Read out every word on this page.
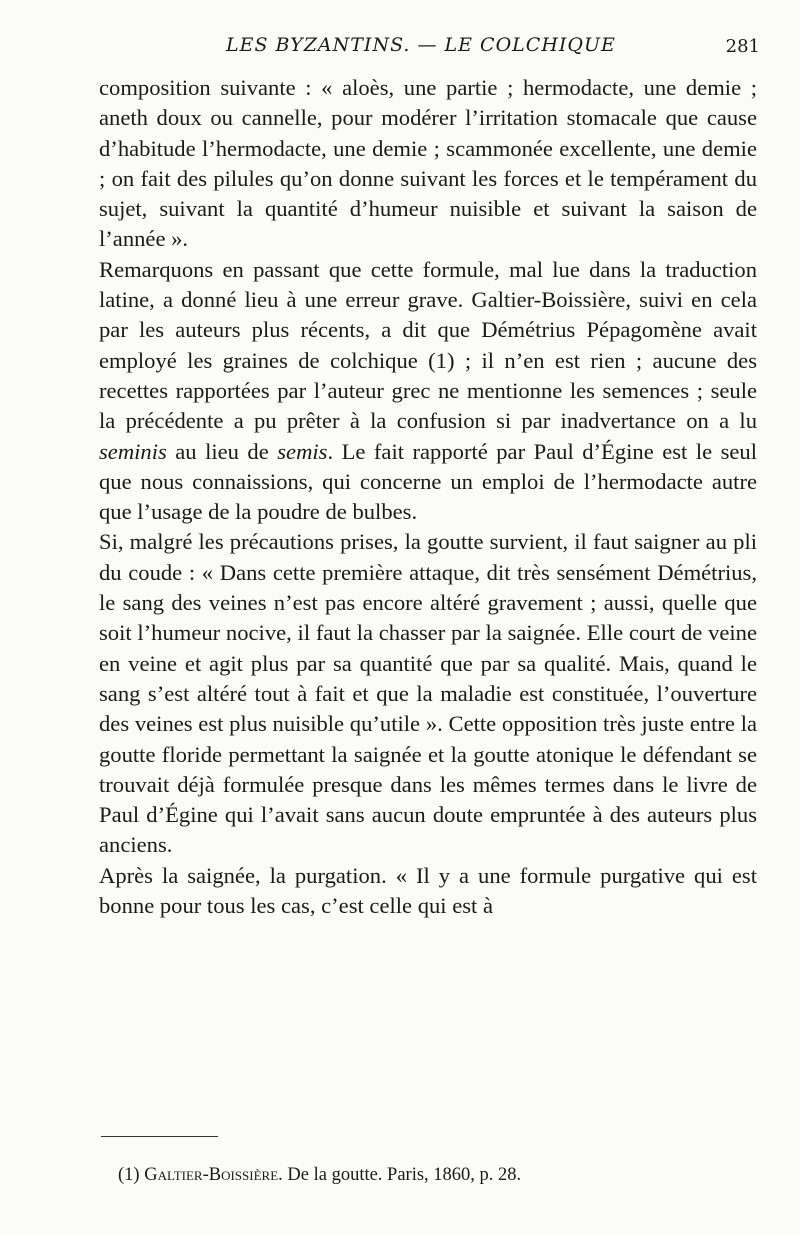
LES BYZANTINS. — LE COLCHIQUE	281

composition suivante : « aloès, une partie ; hermodacte, une demie ; aneth doux ou cannelle, pour modérer l’irritation stomacale que cause d’habitude l’hermodacte, une demie ; scammonée excellente, une demie ; on fait des pilules qu’on donne suivant les forces et le tempérament du sujet, suivant la quantité d’humeur nuisible et suivant la saison de l’année ».

Remarquons en passant que cette formule, mal lue dans la traduction latine, a donné lieu à une erreur grave. Galtier-Boissière, suivi en cela par les auteurs plus récents, a dit que Démétrius Pépagomène avait employé les graines de colchique (1) ; il n’en est rien ; aucune des recettes rapportées par l’auteur grec ne mentionne les semences ; seule la précédente a pu prêter à la confusion si par inadvertance on a lu seminis au lieu de semis. Le fait rapporté par Paul d’Égine est le seul que nous connaissions, qui concerne un emploi de l’hermodacte autre que l’usage de la poudre de bulbes.

Si, malgré les précautions prises, la goutte survient, il faut saigner au pli du coude : « Dans cette première attaque, dit très sensément Démétrius, le sang des veines n’est pas encore altéré gravement ; aussi, quelle que soit l’humeur nocive, il faut la chasser par la saignée. Elle court de veine en veine et agit plus par sa quantité que par sa qualité. Mais, quand le sang s’est altéré tout à fait et que la maladie est constituée, l’ouverture des veines est plus nuisible qu’utile ». Cette opposition très juste entre la goutte floride permettant la saignée et la goutte atonique le défendant se trouvait déjà formulée presque dans les mêmes termes dans le livre de Paul d’Égine qui l’avait sans aucun doute empruntée à des auteurs plus anciens.

Après la saignée, la purgation. « Il y a une formule purgative qui est bonne pour tous les cas, c’est celle qui est à

(1) Galtier-Boissière. De la goutte. Paris, 1860, p. 28.
